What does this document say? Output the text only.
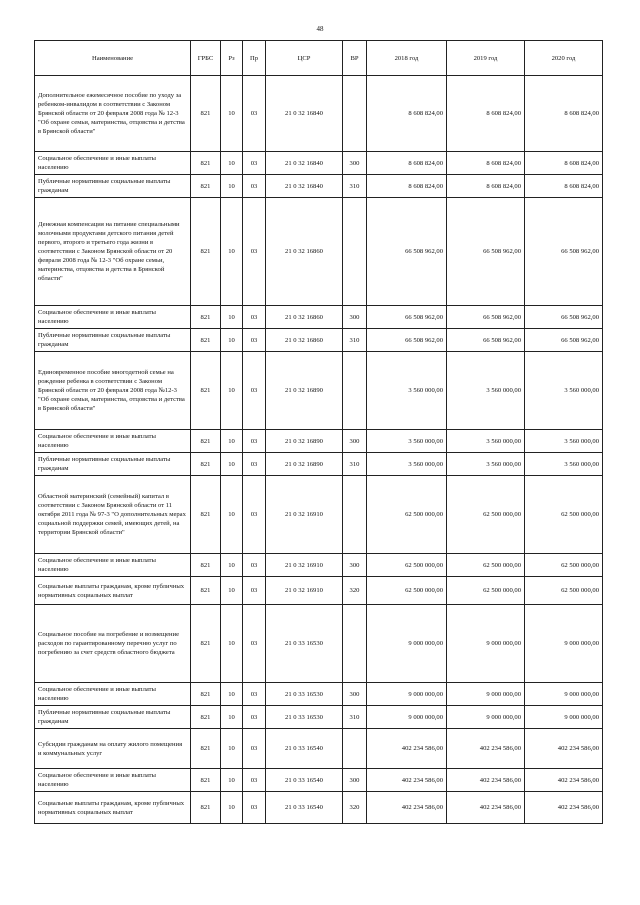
48
Наименование	ГРБС	Рз	Пр	ЦСР	ВР	2018 год	2019 год	2020 год
Дополнительное ежемесячное пособие по уходу за ребенком-инвалидом в соответствии с Законом Брянской области от 20 февраля 2008 года № 12-3 "Об охране семьи, материнства, отцовства и детства в Брянской области"	821	10	03	21 0 32 16840		8 608 824,00	8 608 824,00	8 608 824,00
Социальное обеспечение и иные выплаты населению	821	10	03	21 0 32 16840	300	8 608 824,00	8 608 824,00	8 608 824,00
Публичные нормативные социальные выплаты гражданам	821	10	03	21 0 32 16840	310	8 608 824,00	8 608 824,00	8 608 824,00
Денежная компенсация на питание специальными молочными продуктами детского питания детей первого, второго и третьего года жизни в соответствии с Законом Брянской области от 20 февраля 2008 года № 12-3 "Об охране семьи, материнства, отцовства и детства в Брянской области"	821	10	03	21 0 32 16860		66 508 962,00	66 508 962,00	66 508 962,00
Социальное обеспечение и иные выплаты населению	821	10	03	21 0 32 16860	300	66 508 962,00	66 508 962,00	66 508 962,00
Публичные нормативные социальные выплаты гражданам	821	10	03	21 0 32 16860	310	66 508 962,00	66 508 962,00	66 508 962,00
Единовременное пособие многодетной семье на рождение ребенка в соответствии с Законом Брянской области от 20 февраля 2008 года №12-3 "Об охране семьи, материнства, отцовства и детства в Брянской области"	821	10	03	21 0 32 16890		3 560 000,00	3 560 000,00	3 560 000,00
Социальное обеспечение и иные выплаты населению	821	10	03	21 0 32 16890	300	3 560 000,00	3 560 000,00	3 560 000,00
Публичные нормативные социальные выплаты гражданам	821	10	03	21 0 32 16890	310	3 560 000,00	3 560 000,00	3 560 000,00
Областной материнский (семейный) капитал в соответствии с Законом Брянской области от 11 октября 2011 года № 97-3 "О дополнительных мерах социальной поддержки семей, имеющих детей, на территории Брянской области"	821	10	03	21 0 32 16910		62 500 000,00	62 500 000,00	62 500 000,00
Социальное обеспечение и иные выплаты населению	821	10	03	21 0 32 16910	300	62 500 000,00	62 500 000,00	62 500 000,00
Социальные выплаты гражданам, кроме публичных нормативных социальных выплат	821	10	03	21 0 32 16910	320	62 500 000,00	62 500 000,00	62 500 000,00
Социальное пособие на погребение и возмещение расходов по гарантированному перечню услуг по погребению за счет средств областного бюджета	821	10	03	21 0 33 16530		9 000 000,00	9 000 000,00	9 000 000,00
Социальное обеспечение и иные выплаты населению	821	10	03	21 0 33 16530	300	9 000 000,00	9 000 000,00	9 000 000,00
Публичные нормативные социальные выплаты гражданам	821	10	03	21 0 33 16530	310	9 000 000,00	9 000 000,00	9 000 000,00
Субсидии гражданам на оплату жилого помещения и коммунальных услуг	821	10	03	21 0 33 16540		402 234 586,00	402 234 586,00	402 234 586,00
Социальное обеспечение и иные выплаты населению	821	10	03	21 0 33 16540	300	402 234 586,00	402 234 586,00	402 234 586,00
Социальные выплаты гражданам, кроме публичных нормативных социальных выплат	821	10	03	21 0 33 16540	320	402 234 586,00	402 234 586,00	402 234 586,00
